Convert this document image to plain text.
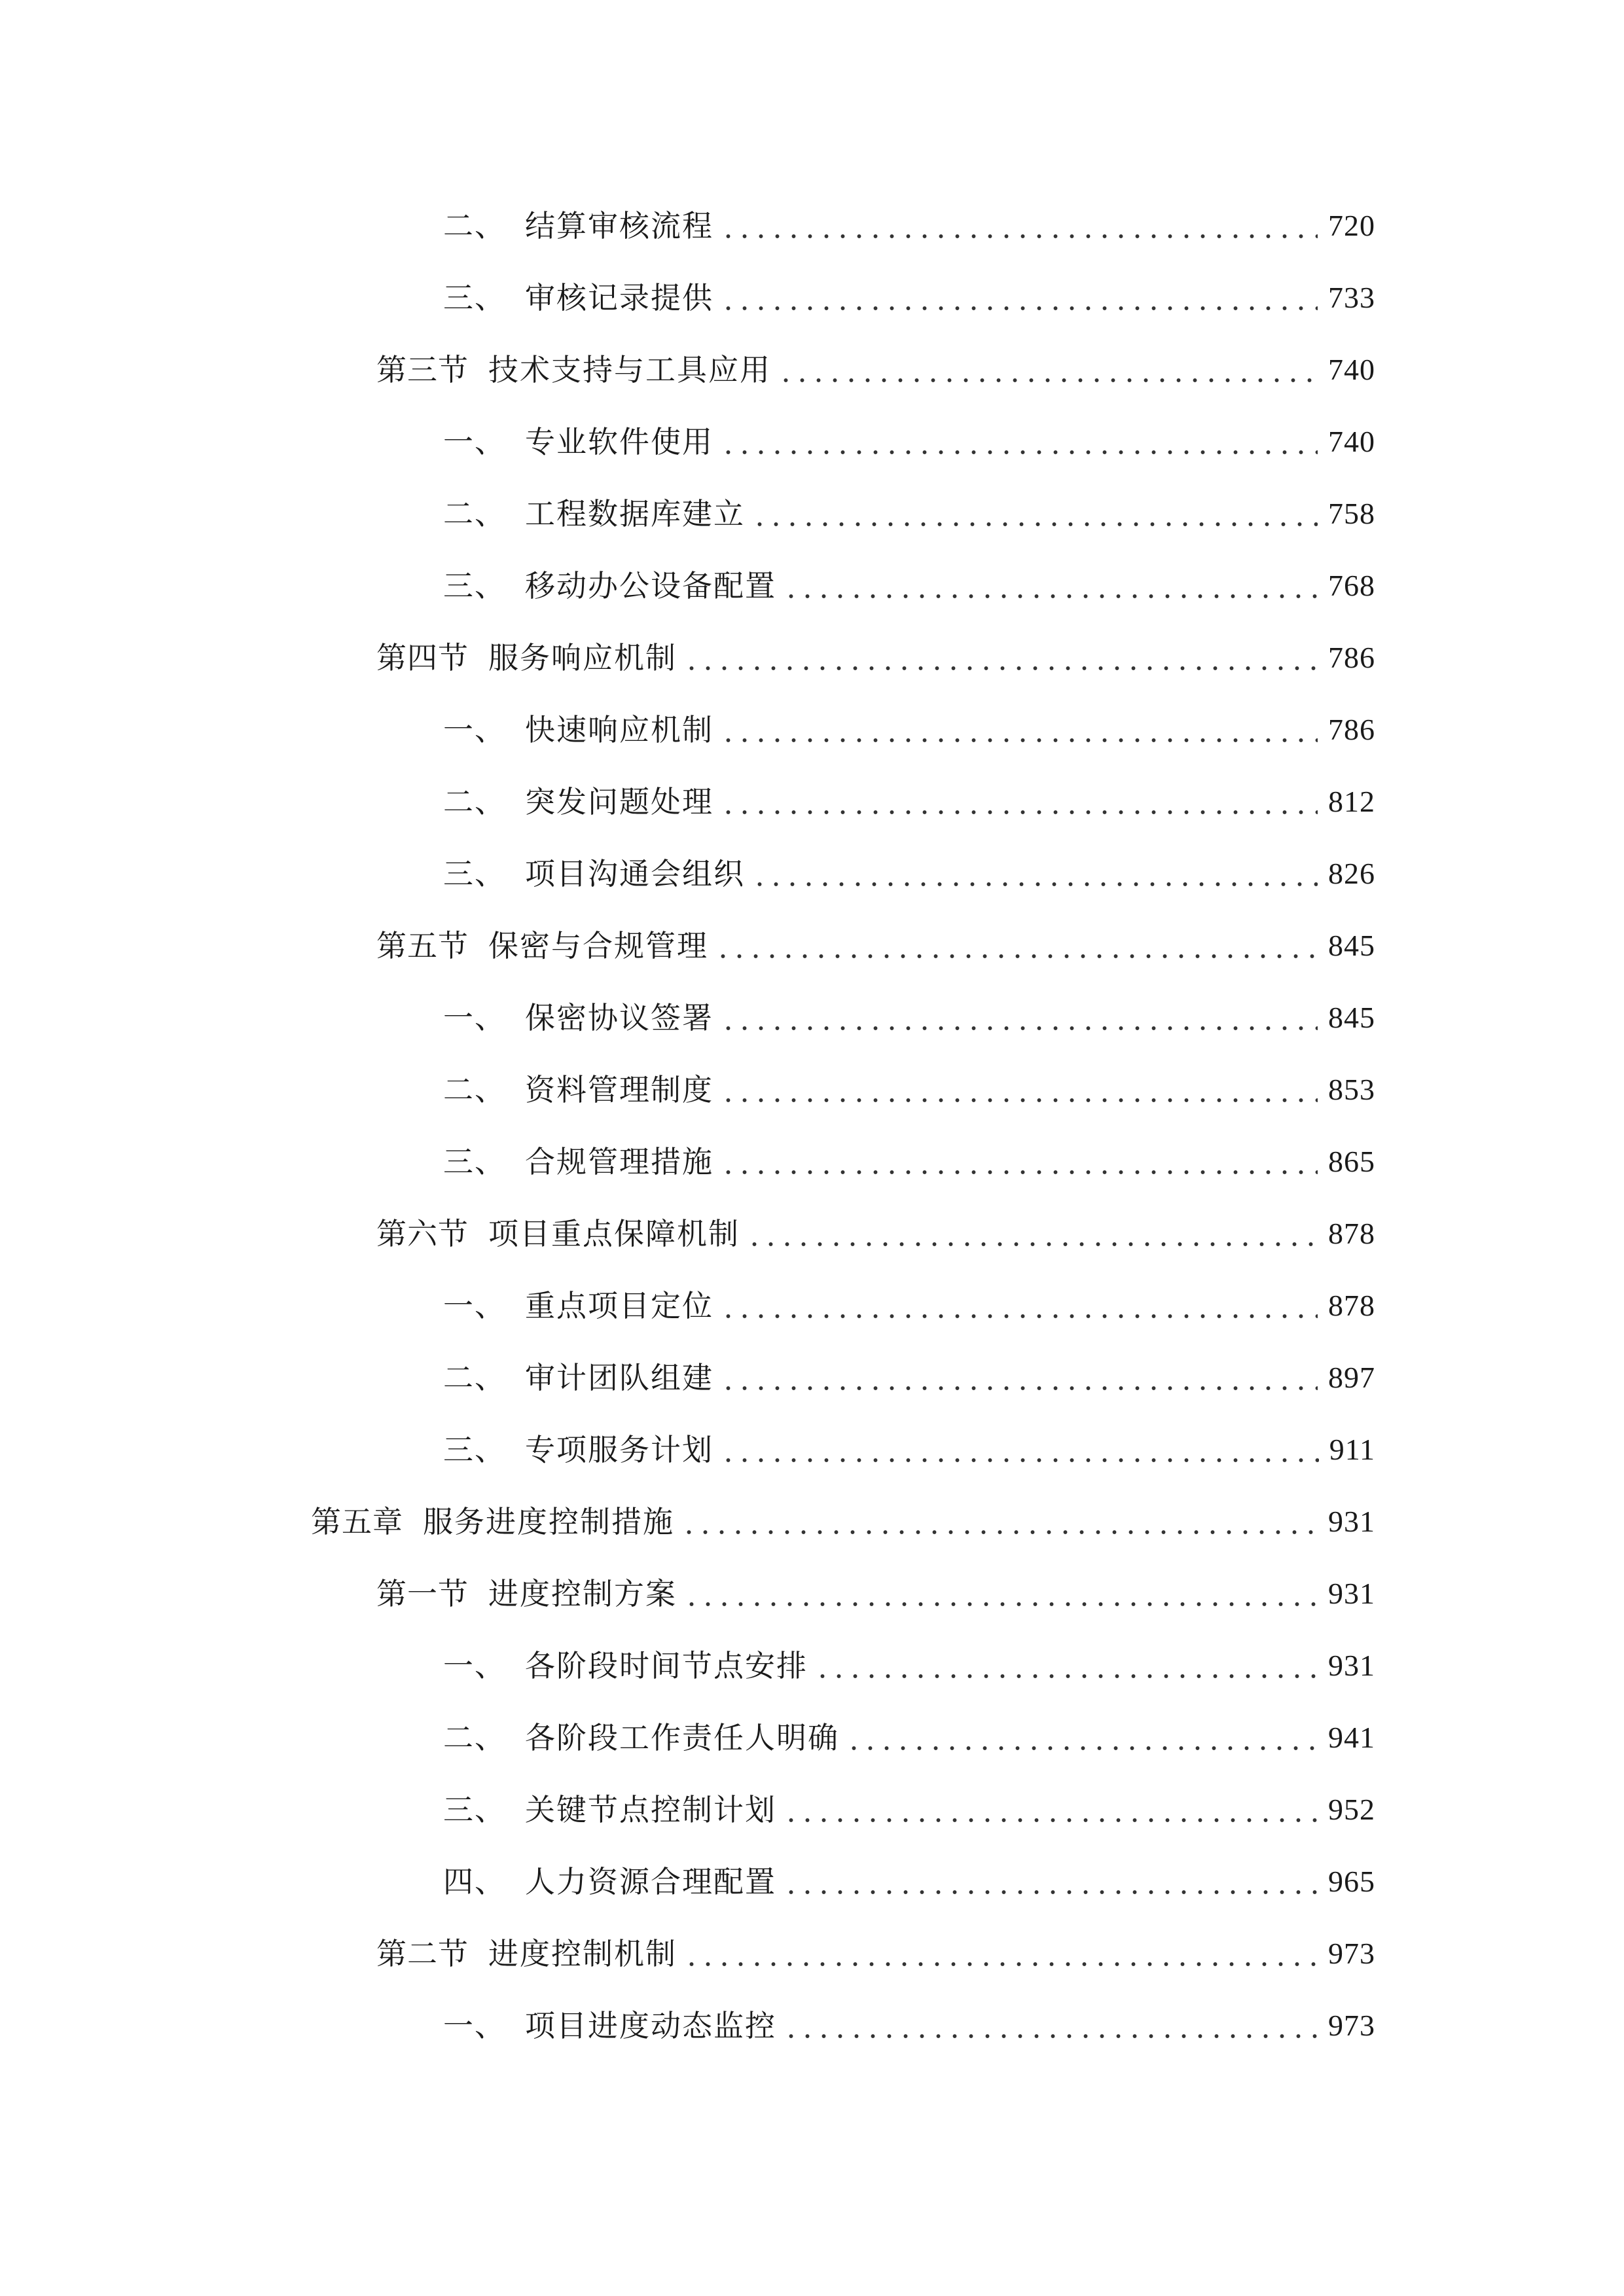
二、 结算审核流程	720
三、 审核记录提供	733
第三节 技术支持与工具应用	740
一、 专业软件使用	740
二、 工程数据库建立	758
三、 移动办公设备配置	768
第四节 服务响应机制	786
一、 快速响应机制	786
二、 突发问题处理	812
三、 项目沟通会组织	826
第五节 保密与合规管理	845
一、 保密协议签署	845
二、 资料管理制度	853
三、 合规管理措施	865
第六节 项目重点保障机制	878
一、 重点项目定位	878
二、 审计团队组建	897
三、 专项服务计划	911
第五章 服务进度控制措施	931
第一节 进度控制方案	931
一、 各阶段时间节点安排	931
二、 各阶段工作责任人明确	941
三、 关键节点控制计划	952
四、 人力资源合理配置	965
第二节 进度控制机制	973
一、 项目进度动态监控	973
